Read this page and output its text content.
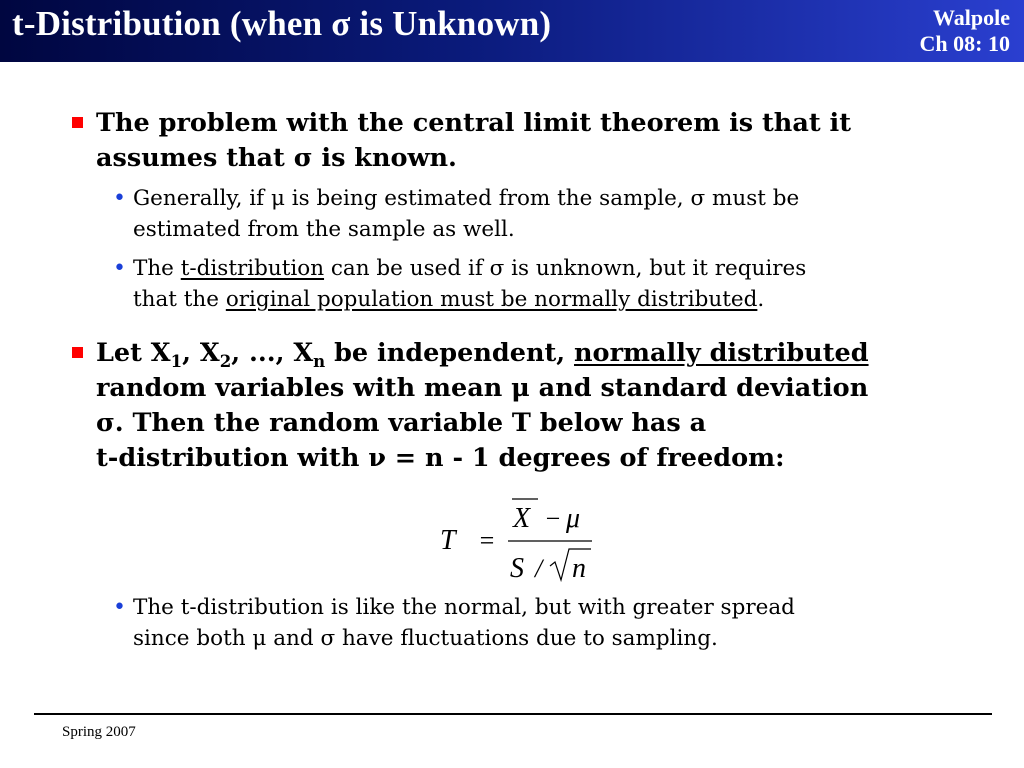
t-Distribution (when σ is Unknown)	Walpole
Ch 08: 10
The problem with the central limit theorem is that it
assumes that σ is known.
• Generally, if μ is being estimated from the sample, σ must be
estimated from the sample as well.
• The t-distribution can be used if σ is unknown, but it requires
that the original population must be normally distributed.
Let $X_1$, $X_2$, ..., $X_n$ be independent, normally distributed
random variables with mean μ and standard deviation
σ. Then the random variable T below has a
t-distribution with ν = n - 1 degrees of freedom:
T =
X − μ
S / n
• The t-distribution is like the normal, but with greater spread
since both μ and σ have fluctuations due to sampling.
Spring 2007
